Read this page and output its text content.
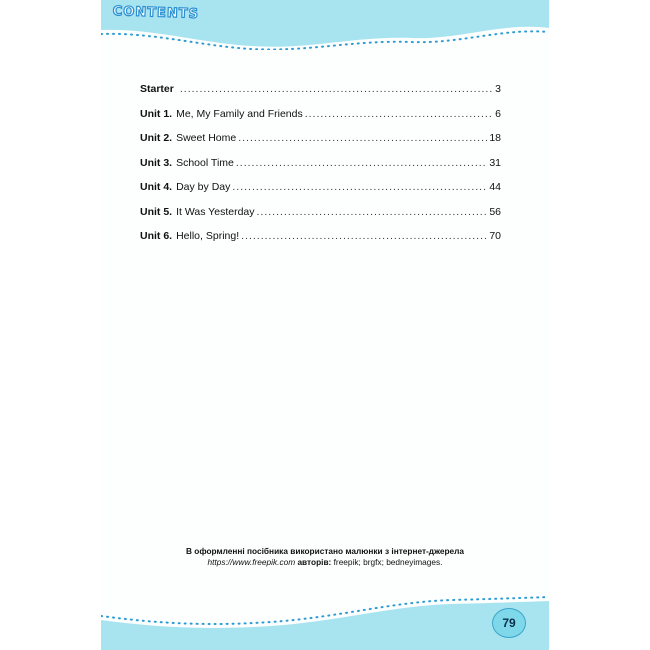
CONTENTS
Starter .....	3
Unit 1. Me, My Family and Friends .....	6
Unit 2. Sweet Home .....	18
Unit 3. School Time .....	31
Unit 4. Day by Day .....	44
Unit 5. It Was Yesterday .....	56
Unit 6. Hello, Spring! .....	70
В оформленні посібника використано малюнки з інтернет-джерела
https://www.freepik.com авторів: freepik; brgfx; bedneyimages.
79
